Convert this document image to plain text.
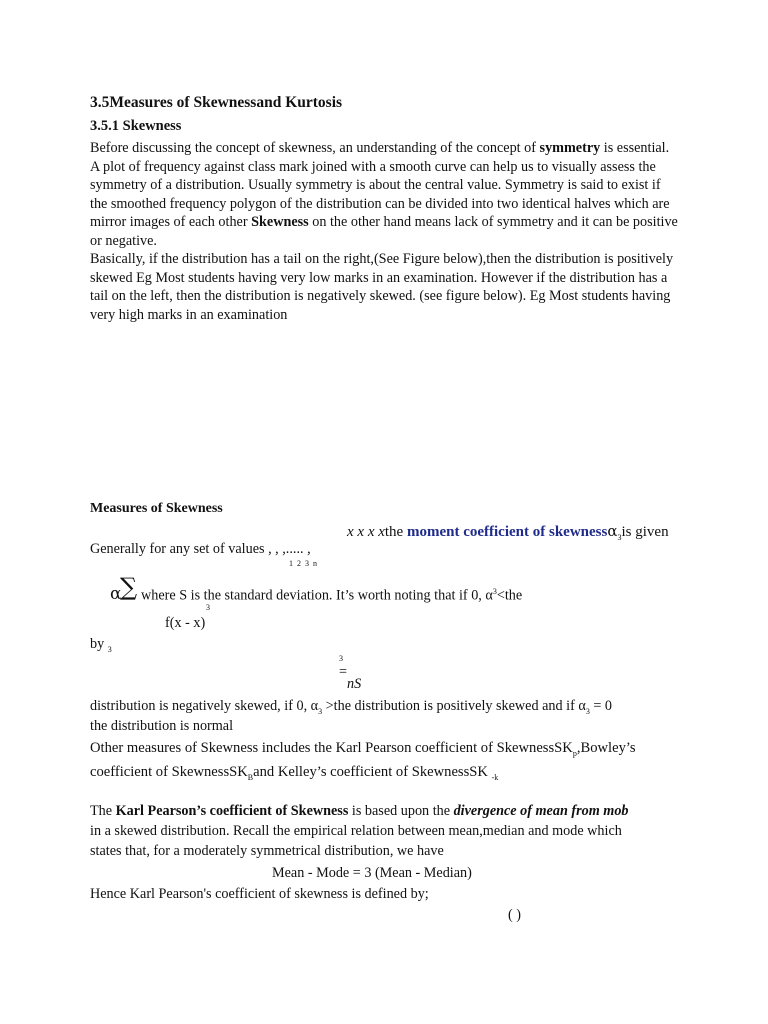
3.5Measures of Skewnessand Kurtosis
3.5.1 Skewness
Before discussing the concept of skewness, an understanding of the concept of symmetry is essential. A plot of frequency against class mark joined with a smooth curve can help us to visually assess the symmetry of a distribution. Usually symmetry is about the central value. Symmetry is said to exist if the smoothed frequency polygon of the distribution can be divided into two identical halves which are mirror images of each other Skewness on the other hand means lack of symmetry and it can be positive or negative.
Basically, if the distribution has a tail on the right,(See Figure below),then the distribution is positively skewed Eg Most students having very low marks in an examination. However if the distribution has a tail on the left, then the distribution is negatively skewed. (see figure below). Eg Most students having very high marks in an examination
Measures of Skewness
x x x xthe moment coefficient of skewnessα$_3$is given
Generally for any set of values , , ,..... ,
1 2 3 n
α
∑ where S is the standard deviation. It’s worth noting that if 0, $\alpha^3<the$
3
f(x - x)
by $_3$
3
=
nS
distribution is negatively skewed, if 0, $\alpha_3 >the$ distribution is positively skewed and if $\alpha_3 = 0$
the distribution is normal
Other measures of Skewness includes the Karl Pearson coefficient of SkewnessSK$_p$,Bowley’s
coefficient of SkewnessSK$_B$and Kelley’s coefficient of SkewnessSK $_{-k}$
The Karl Pearson’s coefficient of Skewness is based upon the divergence of mean from mob
in a skewed distribution. Recall the empirical relation between mean,median and mode which
states that, for a moderately symmetrical distribution, we have
Mean - Mode = 3 (Mean - Median)
Hence Karl Pearson's coefficient of skewness is defined by;
( )
